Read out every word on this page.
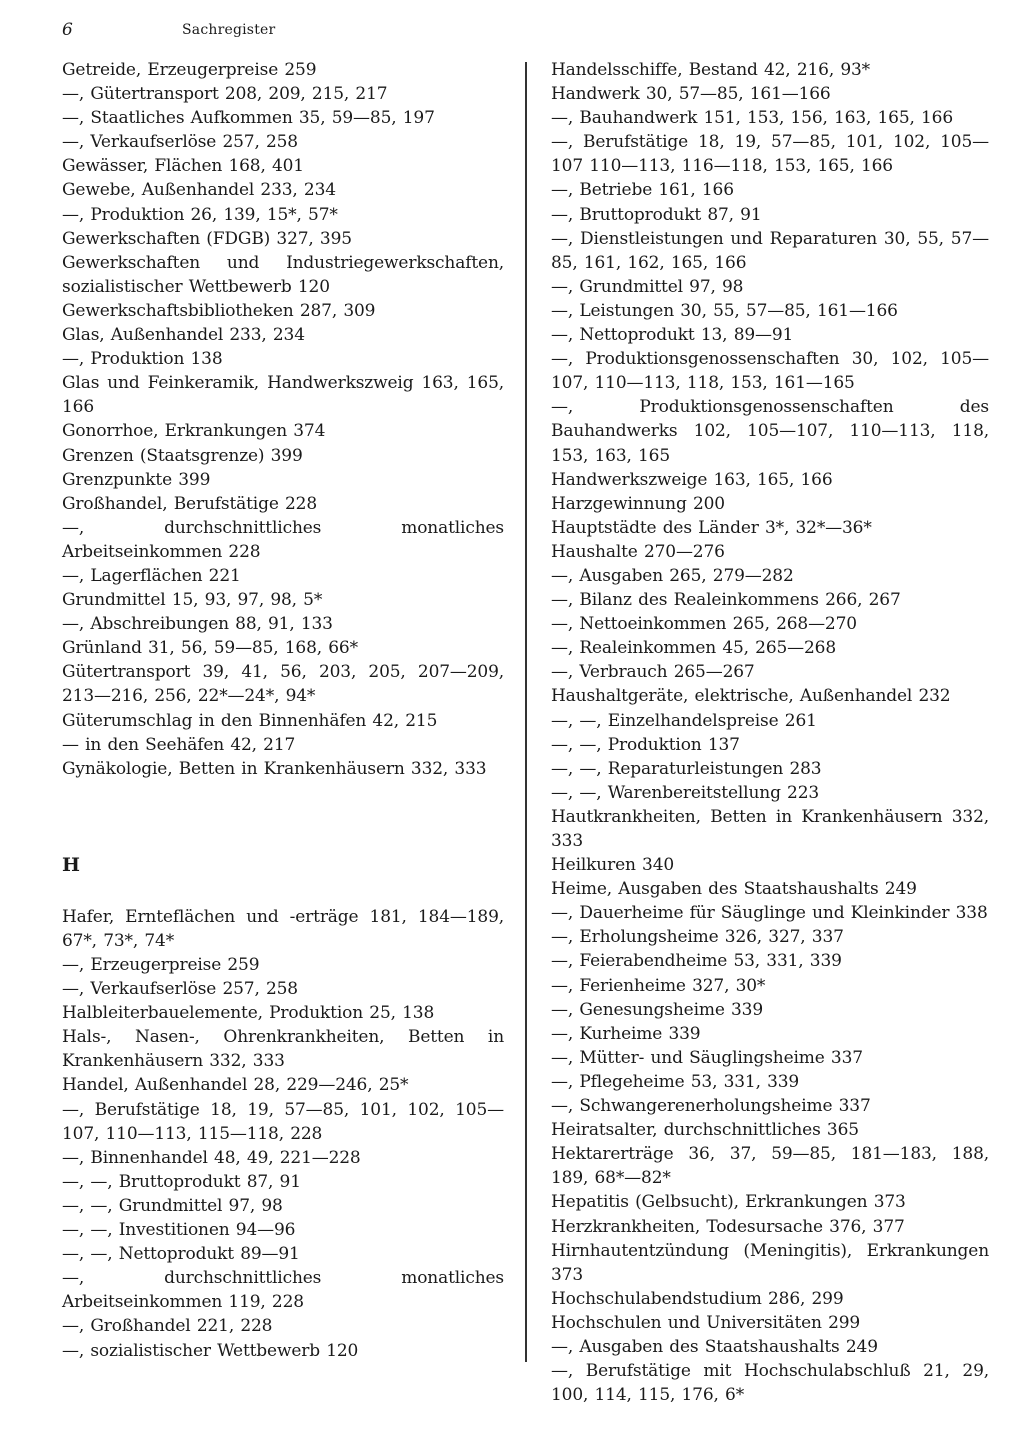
6	Sachregister
Getreide, Erzeugerpreise 259
—, Gütertransport 208, 209, 215, 217
—, Staatliches Aufkommen 35, 59—85, 197
—, Verkaufserlöse 257, 258
Gewässer, Flächen 168, 401
Gewebe, Außenhandel 233, 234
—, Produktion 26, 139, 15*, 57*
Gewerkschaften (FDGB) 327, 395
Gewerkschaften und Industriegewerkschaften, sozialistischer Wettbewerb 120
Gewerkschaftsbibliotheken 287, 309
Glas, Außenhandel 233, 234
—, Produktion 138
Glas und Feinkeramik, Handwerkszweig 163, 165, 166
Gonorrhoe, Erkrankungen 374
Grenzen (Staatsgrenze) 399
Grenzpunkte 399
Großhandel, Berufstätige 228
—, durchschnittliches monatliches Arbeitseinkommen 228
—, Lagerflächen 221
Grundmittel 15, 93, 97, 98, 5*
—, Abschreibungen 88, 91, 133
Grünland 31, 56, 59—85, 168, 66*
Gütertransport 39, 41, 56, 203, 205, 207—209, 213—216, 256, 22*—24*, 94*
Güterumschlag in den Binnenhäfen 42, 215
— in den Seehäfen 42, 217
Gynäkologie, Betten in Krankenhäusern 332, 333
H
Hafer, Ernteflächen und -erträge 181, 184—189, 67*, 73*, 74*
—, Erzeugerpreise 259
—, Verkaufserlöse 257, 258
Halbleiterbauelemente, Produktion 25, 138
Hals-, Nasen-, Ohrenkrankheiten, Betten in Krankenhäusern 332, 333
Handel, Außenhandel 28, 229—246, 25*
—, Berufstätige 18, 19, 57—85, 101, 102, 105—107, 110—113, 115—118, 228
—, Binnenhandel 48, 49, 221—228
—, —, Bruttoprodukt 87, 91
—, —, Grundmittel 97, 98
—, —, Investitionen 94—96
—, —, Nettoprodukt 89—91
—, durchschnittliches monatliches Arbeitseinkommen 119, 228
—, Großhandel 221, 228
—, sozialistischer Wettbewerb 120
Handelsschiffe, Bestand 42, 216, 93*
Handwerk 30, 57—85, 161—166
—, Bauhandwerk 151, 153, 156, 163, 165, 166
—, Berufstätige 18, 19, 57—85, 101, 102, 105—107 110—113, 116—118, 153, 165, 166
—, Betriebe 161, 166
—, Bruttoprodukt 87, 91
—, Dienstleistungen und Reparaturen 30, 55, 57—85, 161, 162, 165, 166
—, Grundmittel 97, 98
—, Leistungen 30, 55, 57—85, 161—166
—, Nettoprodukt 13, 89—91
—, Produktionsgenossenschaften 30, 102, 105—107, 110—113, 118, 153, 161—165
—, Produktionsgenossenschaften des Bauhandwerks 102, 105—107, 110—113, 118, 153, 163, 165
Handwerkszweige 163, 165, 166
Harzgewinnung 200
Hauptstädte des Länder 3*, 32*—36*
Haushalte 270—276
—, Ausgaben 265, 279—282
—, Bilanz des Realeinkommens 266, 267
—, Nettoeinkommen 265, 268—270
—, Realeinkommen 45, 265—268
—, Verbrauch 265—267
Haushaltgeräte, elektrische, Außenhandel 232
—, —, Einzelhandelspreise 261
—, —, Produktion 137
—, —, Reparaturleistungen 283
—, —, Warenbereitstellung 223
Hautkrankheiten, Betten in Krankenhäusern 332, 333
Heilkuren 340
Heime, Ausgaben des Staatshaushalts 249
—, Dauerheime für Säuglinge und Kleinkinder 338
—, Erholungsheime 326, 327, 337
—, Feierabendheime 53, 331, 339
—, Ferienheime 327, 30*
—, Genesungsheime 339
—, Kurheime 339
—, Mütter- und Säuglingsheime 337
—, Pflegeheime 53, 331, 339
—, Schwangerenerholungsheime 337
Heiratsalter, durchschnittliches 365
Hektarerträge 36, 37, 59—85, 181—183, 188, 189, 68*—82*
Hepatitis (Gelbsucht), Erkrankungen 373
Herzkrankheiten, Todesursache 376, 377
Hirnhautentzündung (Meningitis), Erkrankungen 373
Hochschulabendstudium 286, 299
Hochschulen und Universitäten 299
—, Ausgaben des Staatshaushalts 249
—, Berufstätige mit Hochschulabschluß 21, 29, 100, 114, 115, 176, 6*
